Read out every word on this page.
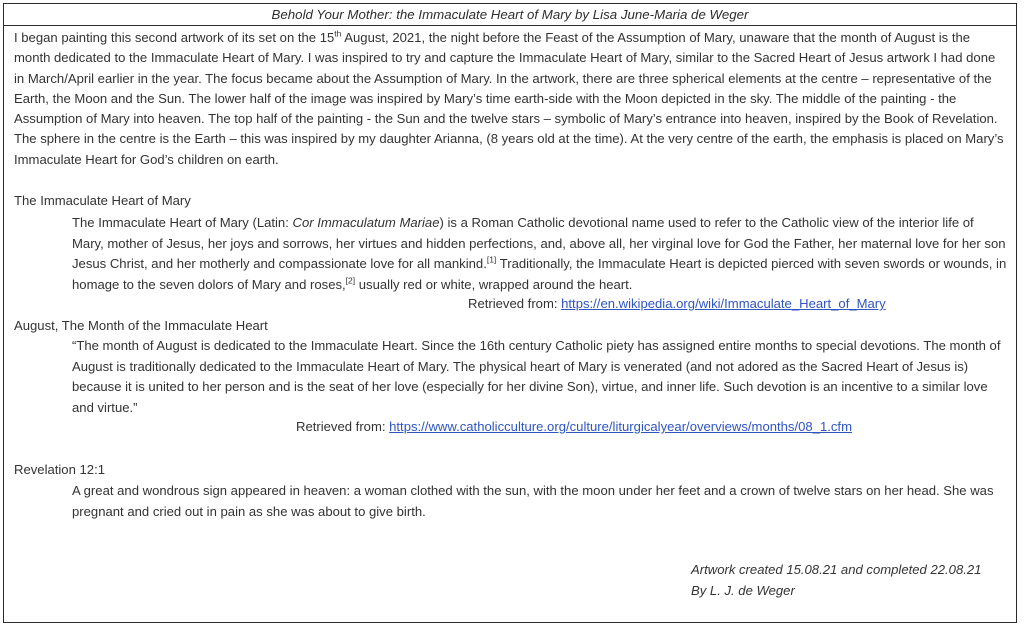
Behold Your Mother: the Immaculate Heart of Mary by Lisa June-Maria de Weger
I began painting this second artwork of its set on the 15th August, 2021, the night before the Feast of the Assumption of Mary, unaware that the month of August is the month dedicated to the Immaculate Heart of Mary. I was inspired to try and capture the Immaculate Heart of Mary, similar to the Sacred Heart of Jesus artwork I had done in March/April earlier in the year. The focus became about the Assumption of Mary. In the artwork, there are three spherical elements at the centre – representative of the Earth, the Moon and the Sun. The lower half of the image was inspired by Mary’s time earth-side with the Moon depicted in the sky. The middle of the painting - the Assumption of Mary into heaven. The top half of the painting - the Sun and the twelve stars – symbolic of Mary’s entrance into heaven, inspired by the Book of Revelation. The sphere in the centre is the Earth – this was inspired by my daughter Arianna, (8 years old at the time). At the very centre of the earth, the emphasis is placed on Mary’s Immaculate Heart for God’s children on earth.
The Immaculate Heart of Mary
The Immaculate Heart of Mary (Latin: Cor Immaculatum Mariae) is a Roman Catholic devotional name used to refer to the Catholic view of the interior life of Mary, mother of Jesus, her joys and sorrows, her virtues and hidden perfections, and, above all, her virginal love for God the Father, her maternal love for her son Jesus Christ, and her motherly and compassionate love for all mankind.[1] Traditionally, the Immaculate Heart is depicted pierced with seven swords or wounds, in homage to the seven dolors of Mary and roses,[2] usually red or white, wrapped around the heart.
Retrieved from: https://en.wikipedia.org/wiki/Immaculate_Heart_of_Mary
August, The Month of the Immaculate Heart
“The month of August is dedicated to the Immaculate Heart. Since the 16th century Catholic piety has assigned entire months to special devotions. The month of August is traditionally dedicated to the Immaculate Heart of Mary. The physical heart of Mary is venerated (and not adored as the Sacred Heart of Jesus is) because it is united to her person and is the seat of her love (especially for her divine Son), virtue, and inner life. Such devotion is an incentive to a similar love and virtue.”
Retrieved from: https://www.catholicculture.org/culture/liturgicalyear/overviews/months/08_1.cfm
Revelation 12:1
A great and wondrous sign appeared in heaven: a woman clothed with the sun, with the moon under her feet and a crown of twelve stars on her head. She was pregnant and cried out in pain as she was about to give birth.
Artwork created 15.08.21 and completed 22.08.21
By L. J. de Weger
